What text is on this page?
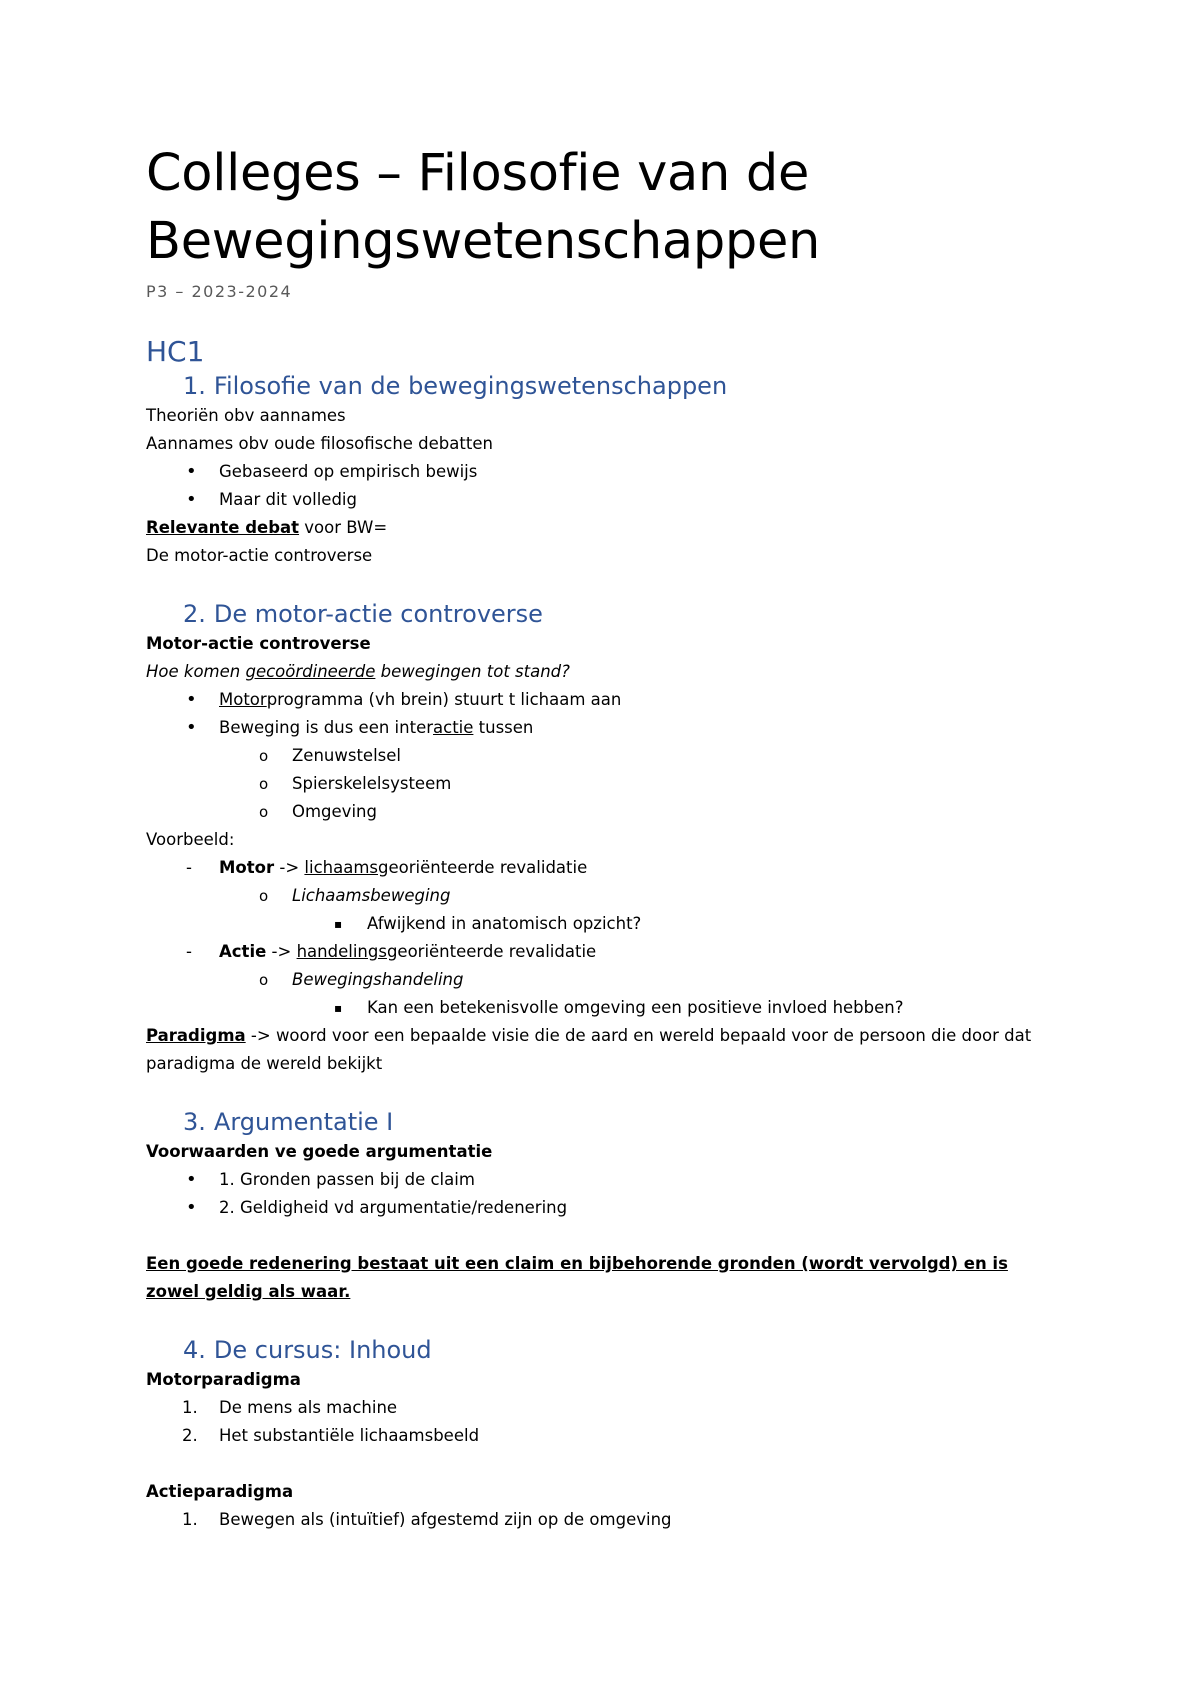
Colleges – Filosofie van de
Bewegingswetenschappen
P3 – 2023-2024
HC1
1. Filosofie van de bewegingswetenschappen
Theoriën obv aannames
Aannames obv oude filosofische debatten
• Gebaseerd op empirisch bewijs
• Maar dit volledig
Relevante debat voor BW=
De motor-actie controverse
2. De motor-actie controverse
Motor-actie controverse
Hoe komen gecoördineerde bewegingen tot stand?
• Motorprogramma (vh brein) stuurt t lichaam aan
• Beweging is dus een interactie tussen
o Zenuwstelsel
o Spierskelelsysteem
o Omgeving
Voorbeeld:
- Motor -> lichaamsgeoriënteerde revalidatie
o Lichaamsbeweging
▪ Afwijkend in anatomisch opzicht?
- Actie -> handelingsgeoriënteerde revalidatie
o Bewegingshandeling
▪ Kan een betekenisvolle omgeving een positieve invloed hebben?
Paradigma -> woord voor een bepaalde visie die de aard en wereld bepaald voor de persoon die door dat paradigma de wereld bekijkt
3. Argumentatie I
Voorwaarden ve goede argumentatie
• 1. Gronden passen bij de claim
• 2. Geldigheid vd argumentatie/redenering
Een goede redenering bestaat uit een claim en bijbehorende gronden (wordt vervolgd) en is zowel geldig als waar.
4. De cursus: Inhoud
Motorparadigma
1. De mens als machine
2. Het substantiële lichaamsbeeld
Actieparadigma
1. Bewegen als (intuïtief) afgestemd zijn op de omgeving
